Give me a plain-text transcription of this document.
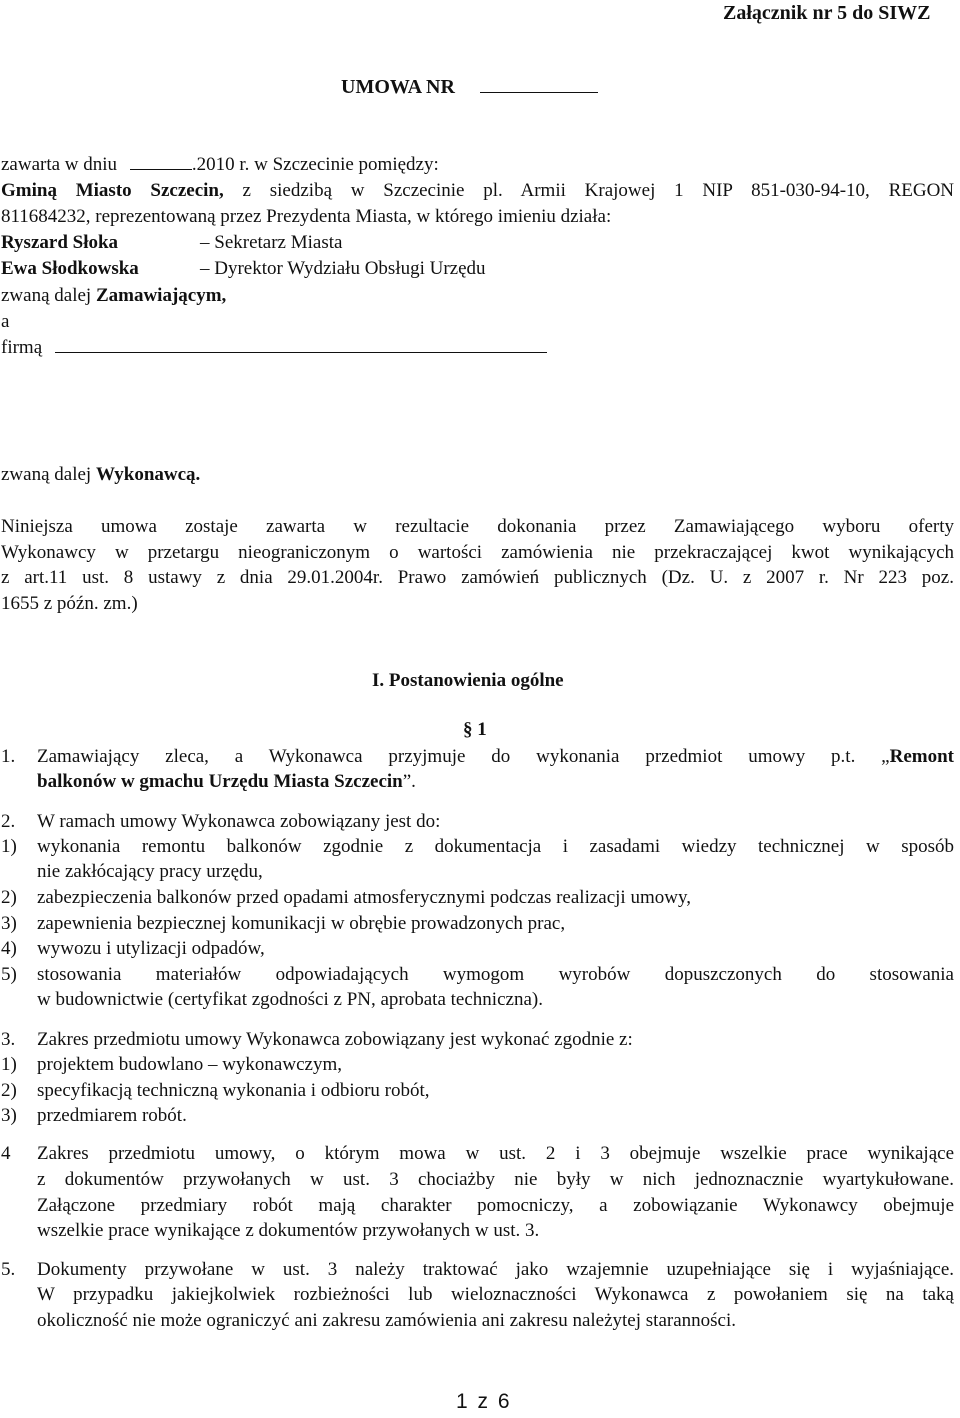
Załącznik nr 5 do SIWZ
UMOWA NR
zawarta w dniu	.2010 r. w Szczecinie pomiędzy:
Gminą Miasto Szczecin, z siedzibą w Szczecinie pl. Armii Krajowej 1 NIP 851-030-94-10, REGON
811684232, reprezentowaną przez Prezydenta Miasta, w którego imieniu działa:
Ryszard Słoka	– Sekretarz Miasta
Ewa Słodkowska	– Dyrektor Wydziału Obsługi Urzędu
zwaną dalej Zamawiającym,
a
firmą
zwaną dalej Wykonawcą.
Niniejsza umowa zostaje zawarta w rezultacie dokonania przez Zamawiającego wyboru oferty
Wykonawcy w przetargu nieograniczonym o wartości zamówienia nie przekraczającej kwot wynikających
z art.11 ust. 8 ustawy z dnia 29.01.2004r. Prawo zamówień publicznych (Dz. U. z 2007 r. Nr 223 poz.
1655 z późn. zm.)
I. Postanowienia ogólne
§ 1
1. Zamawiający zleca, a Wykonawca przyjmuje do wykonania przedmiot umowy p.t. „Remont
balkonów w gmachu Urzędu Miasta Szczecin”.
2. W ramach umowy Wykonawca zobowiązany jest do:
1) wykonania remontu balkonów zgodnie z dokumentacja i zasadami wiedzy technicznej w sposób
nie zakłócający pracy urzędu,
2) zabezpieczenia balkonów przed opadami atmosferycznymi podczas realizacji umowy,
3) zapewnienia bezpiecznej komunikacji w obrębie prowadzonych prac,
4) wywozu i utylizacji odpadów,
5) stosowania materiałów odpowiadających wymogom wyrobów dopuszczonych do stosowania
w budownictwie (certyfikat zgodności z PN, aprobata techniczna).
3. Zakres przedmiotu umowy Wykonawca zobowiązany jest wykonać zgodnie z:
1) projektem budowlano – wykonawczym,
2) specyfikacją techniczną wykonania i odbioru robót,
3) przedmiarem robót.
4 Zakres przedmiotu umowy, o którym mowa w ust. 2 i 3 obejmuje wszelkie prace wynikające
z dokumentów przywołanych w ust. 3 chociażby nie były w nich jednoznacznie wyartykułowane.
Załączone przedmiary robót mają charakter pomocniczy, a zobowiązanie Wykonawcy obejmuje
wszelkie prace wynikające z dokumentów przywołanych w ust. 3.
5. Dokumenty przywołane w ust. 3 należy traktować jako wzajemnie uzupełniające się i wyjaśniające.
W przypadku jakiejkolwiek rozbieżności lub wieloznaczności Wykonawca z powołaniem się na taką
okoliczność nie może ograniczyć ani zakresu zamówienia ani zakresu należytej staranności.
1 z 6
